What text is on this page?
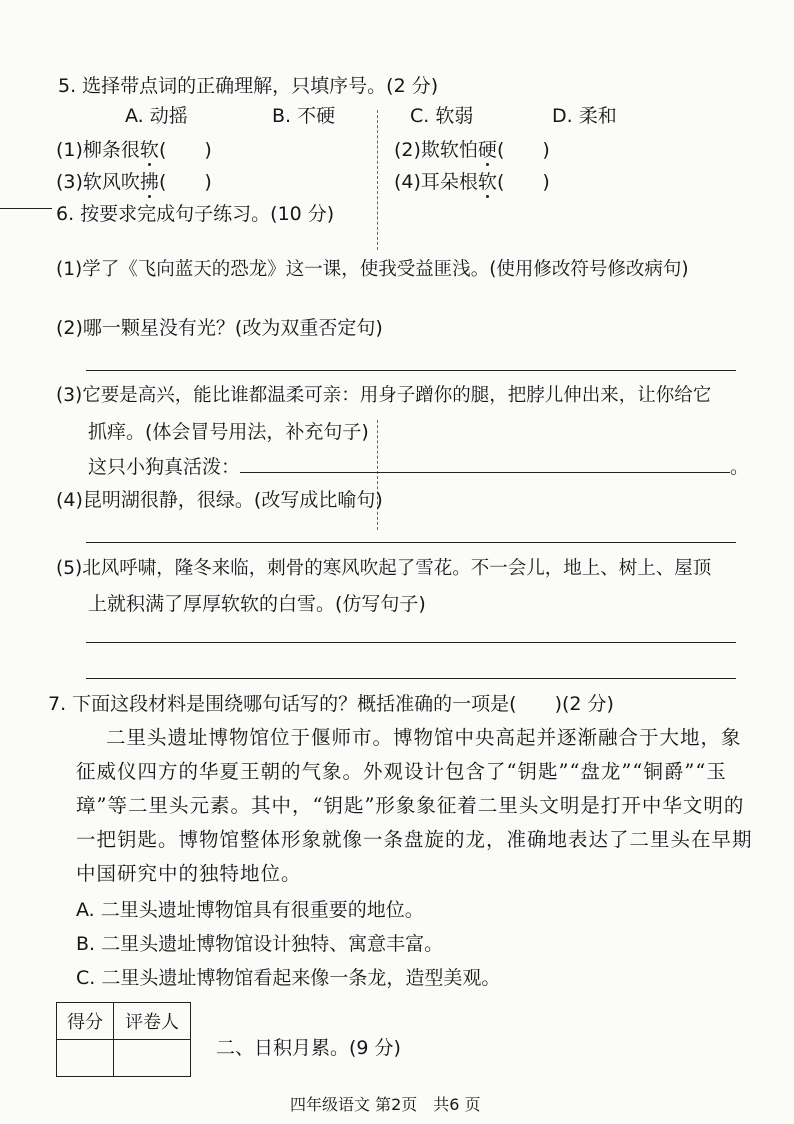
5. 选择带点词的正确理解，只填序号。(2 分)

A. 动摇	B. 不硬	C. 软弱	D. 柔和

(1)柳条很软(　　)	(2)欺软怕硬(　　)

(3)软风吹拂(　　)	(4)耳朵根软(　　)

6. 按要求完成句子练习。(10 分)

(1)学了《飞向蓝天的恐龙》这一课，使我受益匪浅。(使用修改符号修改病句)

(2)哪一颗星没有光？(改为双重否定句)

(3)它要是高兴，能比谁都温柔可亲：用身子蹭你的腿，把脖儿伸出来，让你给它

抓痒。(体会冒号用法，补充句子)

这只小狗真活泼：	。

(4)昆明湖很静，很绿。(改写成比喻句)

(5)北风呼啸，隆冬来临，刺骨的寒风吹起了雪花。不一会儿，地上、树上、屋顶

上就积满了厚厚软软的白雪。(仿写句子)

7. 下面这段材料是围绕哪句话写的？概括准确的一项是(　　)(2 分)

二里头遗址博物馆位于偃师市。博物馆中央高起并逐渐融合于大地，象

征威仪四方的华夏王朝的气象。外观设计包含了“钥匙”“盘龙”“铜爵”“玉

璋”等二里头元素。其中，“钥匙”形象象征着二里头文明是打开中华文明的

一把钥匙。博物馆整体形象就像一条盘旋的龙，准确地表达了二里头在早期

中国研究中的独特地位。

A. 二里头遗址博物馆具有很重要的地位。

B. 二里头遗址博物馆设计独特、寓意丰富。

C. 二里头遗址博物馆看起来像一条龙，造型美观。

得分	评卷人

二、日积月累。(9 分)

四年级语文 第2页　共6 页
